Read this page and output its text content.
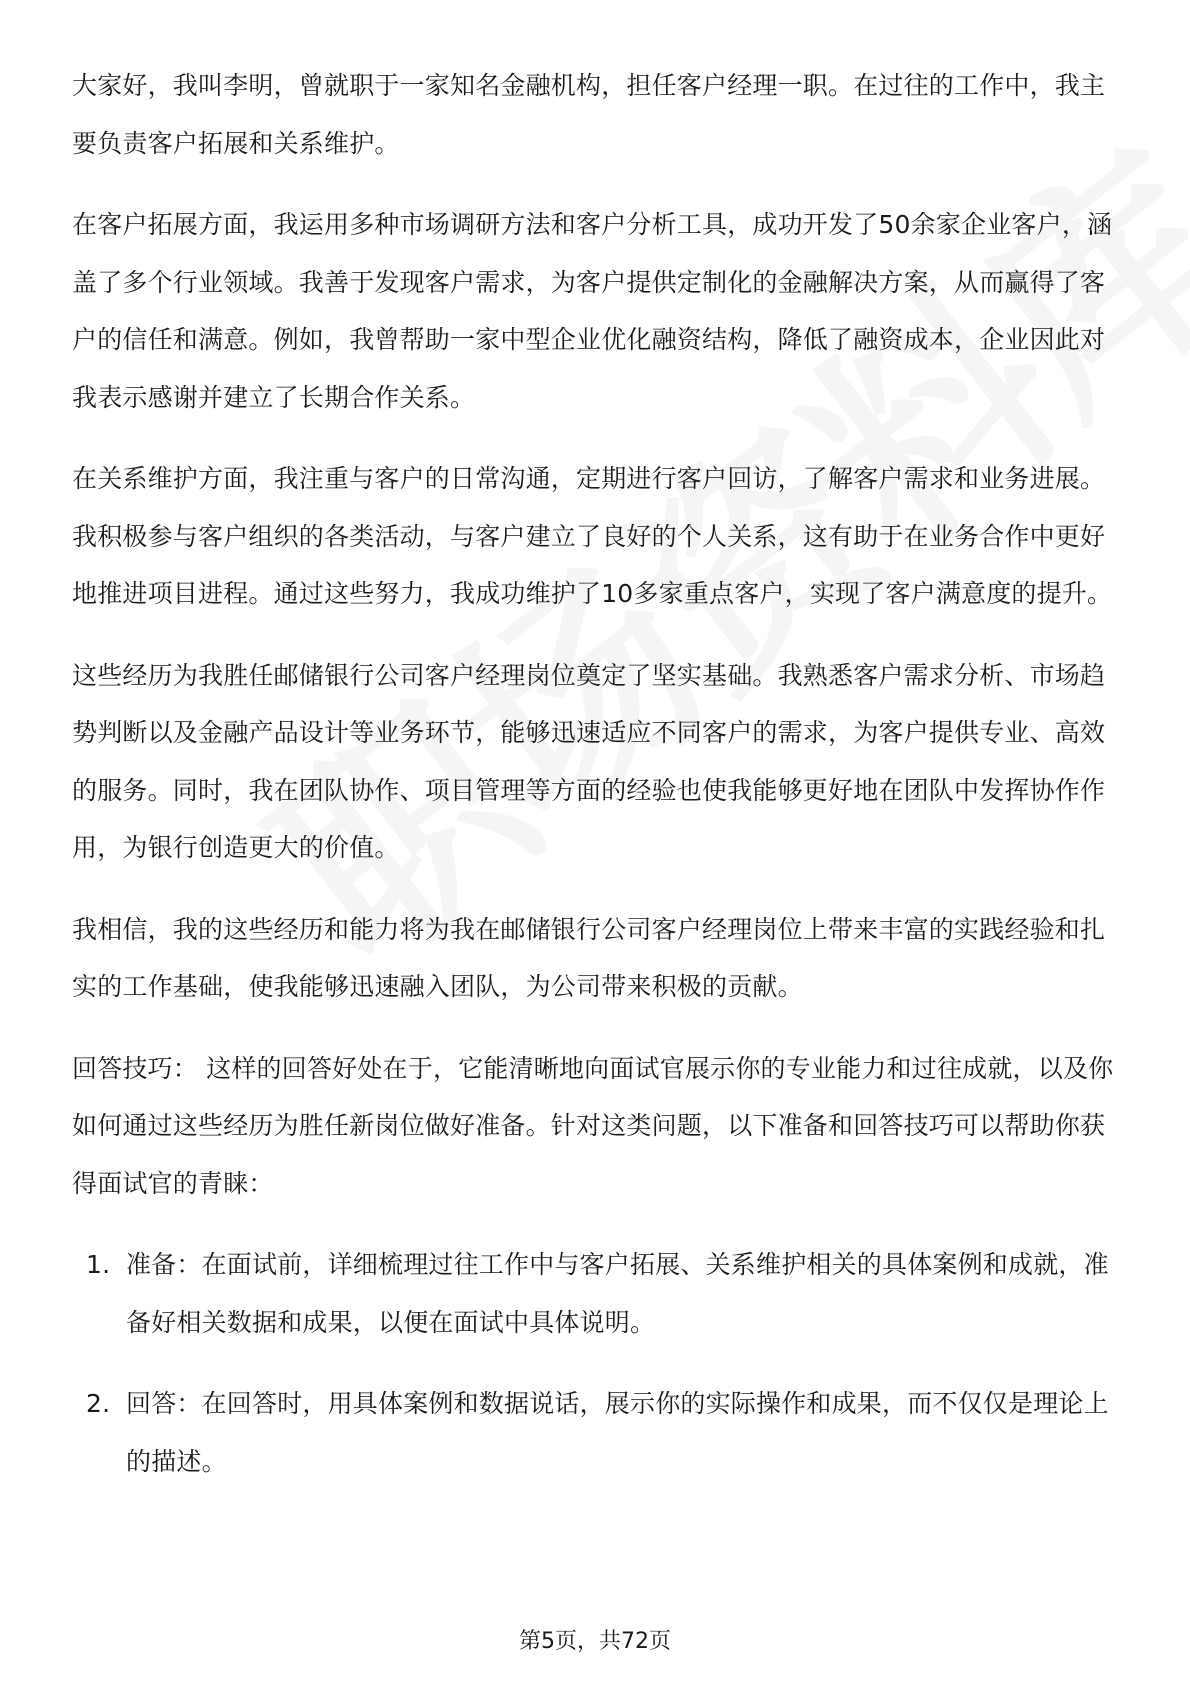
大家好，我叫李明，曾就职于一家知名金融机构，担任客户经理一职。在过往的工作中，我主要负责客户拓展和关系维护。

在客户拓展方面，我运用多种市场调研方法和客户分析工具，成功开发了50余家企业客户，涵盖了多个行业领域。我善于发现客户需求，为客户提供定制化的金融解决方案，从而赢得了客户的信任和满意。例如，我曾帮助一家中型企业优化融资结构，降低了融资成本，企业因此对我表示感谢并建立了长期合作关系。

在关系维护方面，我注重与客户的日常沟通，定期进行客户回访，了解客户需求和业务进展。我积极参与客户组织的各类活动，与客户建立了良好的个人关系，这有助于在业务合作中更好地推进项目进程。通过这些努力，我成功维护了10多家重点客户，实现了客户满意度的提升。

这些经历为我胜任邮储银行公司客户经理岗位奠定了坚实基础。我熟悉客户需求分析、市场趋势判断以及金融产品设计等业务环节，能够迅速适应不同客户的需求，为客户提供专业、高效的服务。同时，我在团队协作、项目管理等方面的经验也使我能够更好地在团队中发挥协作作用，为银行创造更大的价值。

我相信，我的这些经历和能力将为我在邮储银行公司客户经理岗位上带来丰富的实践经验和扎实的工作基础，使我能够迅速融入团队，为公司带来积极的贡献。

回答技巧： 这样的回答好处在于，它能清晰地向面试官展示你的专业能力和过往成就，以及你如何通过这些经历为胜任新岗位做好准备。针对这类问题，以下准备和回答技巧可以帮助你获得面试官的青睐：

1. 准备：在面试前，详细梳理过往工作中与客户拓展、关系维护相关的具体案例和成就，准备好相关数据和成果，以便在面试中具体说明。
2. 回答：在回答时，用具体案例和数据说话，展示你的实际操作和成果，而不仅仅是理论上的描述。
第5页，共72页
